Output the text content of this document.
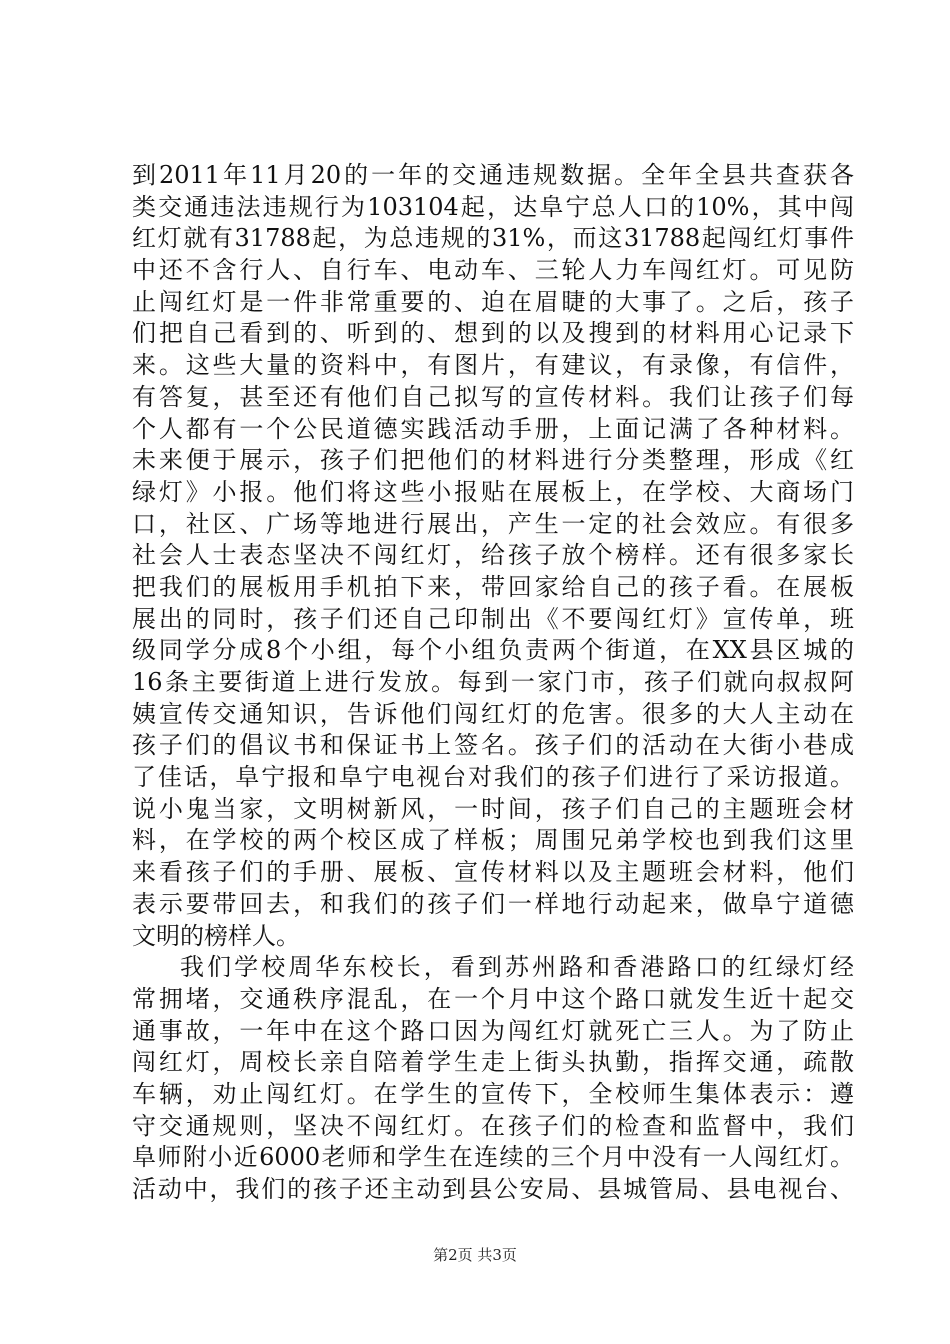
到2011年11月20的一年的交通违规数据。全年全县共查获各
类交通违法违规行为103104起，达阜宁总人口的10%，其中闯
红灯就有31788起，为总违规的31%，而这31788起闯红灯事件
中还不含行人、自行车、电动车、三轮人力车闯红灯。可见防
止闯红灯是一件非常重要的、迫在眉睫的大事了。之后，孩子
们把自己看到的、听到的、想到的以及搜到的材料用心记录下
来。这些大量的资料中，有图片，有建议，有录像，有信件，
有答复，甚至还有他们自己拟写的宣传材料。我们让孩子们每
个人都有一个公民道德实践活动手册，上面记满了各种材料。
未来便于展示，孩子们把他们的材料进行分类整理，形成《红
绿灯》小报。他们将这些小报贴在展板上，在学校、大商场门
口，社区、广场等地进行展出，产生一定的社会效应。有很多
社会人士表态坚决不闯红灯，给孩子放个榜样。还有很多家长
把我们的展板用手机拍下来，带回家给自己的孩子看。在展板
展出的同时，孩子们还自己印制出《不要闯红灯》宣传单，班
级同学分成8个小组，每个小组负责两个街道，在XX县区城的
16条主要街道上进行发放。每到一家门市，孩子们就向叔叔阿
姨宣传交通知识，告诉他们闯红灯的危害。很多的大人主动在
孩子们的倡议书和保证书上签名。孩子们的活动在大街小巷成
了佳话，阜宁报和阜宁电视台对我们的孩子们进行了采访报道。
说小鬼当家，文明树新风，一时间，孩子们自己的主题班会材
料，在学校的两个校区成了样板；周围兄弟学校也到我们这里
来看孩子们的手册、展板、宣传材料以及主题班会材料，他们
表示要带回去，和我们的孩子们一样地行动起来，做阜宁道德
文明的榜样人。
我们学校周华东校长，看到苏州路和香港路口的红绿灯经
常拥堵，交通秩序混乱，在一个月中这个路口就发生近十起交
通事故，一年中在这个路口因为闯红灯就死亡三人。为了防止
闯红灯，周校长亲自陪着学生走上街头执勤，指挥交通，疏散
车辆，劝止闯红灯。在学生的宣传下，全校师生集体表示：遵
守交通规则，坚决不闯红灯。在孩子们的检查和监督中，我们
阜师附小近6000老师和学生在连续的三个月中没有一人闯红灯。
活动中，我们的孩子还主动到县公安局、县城管局、县电视台、
第2页 共3页
